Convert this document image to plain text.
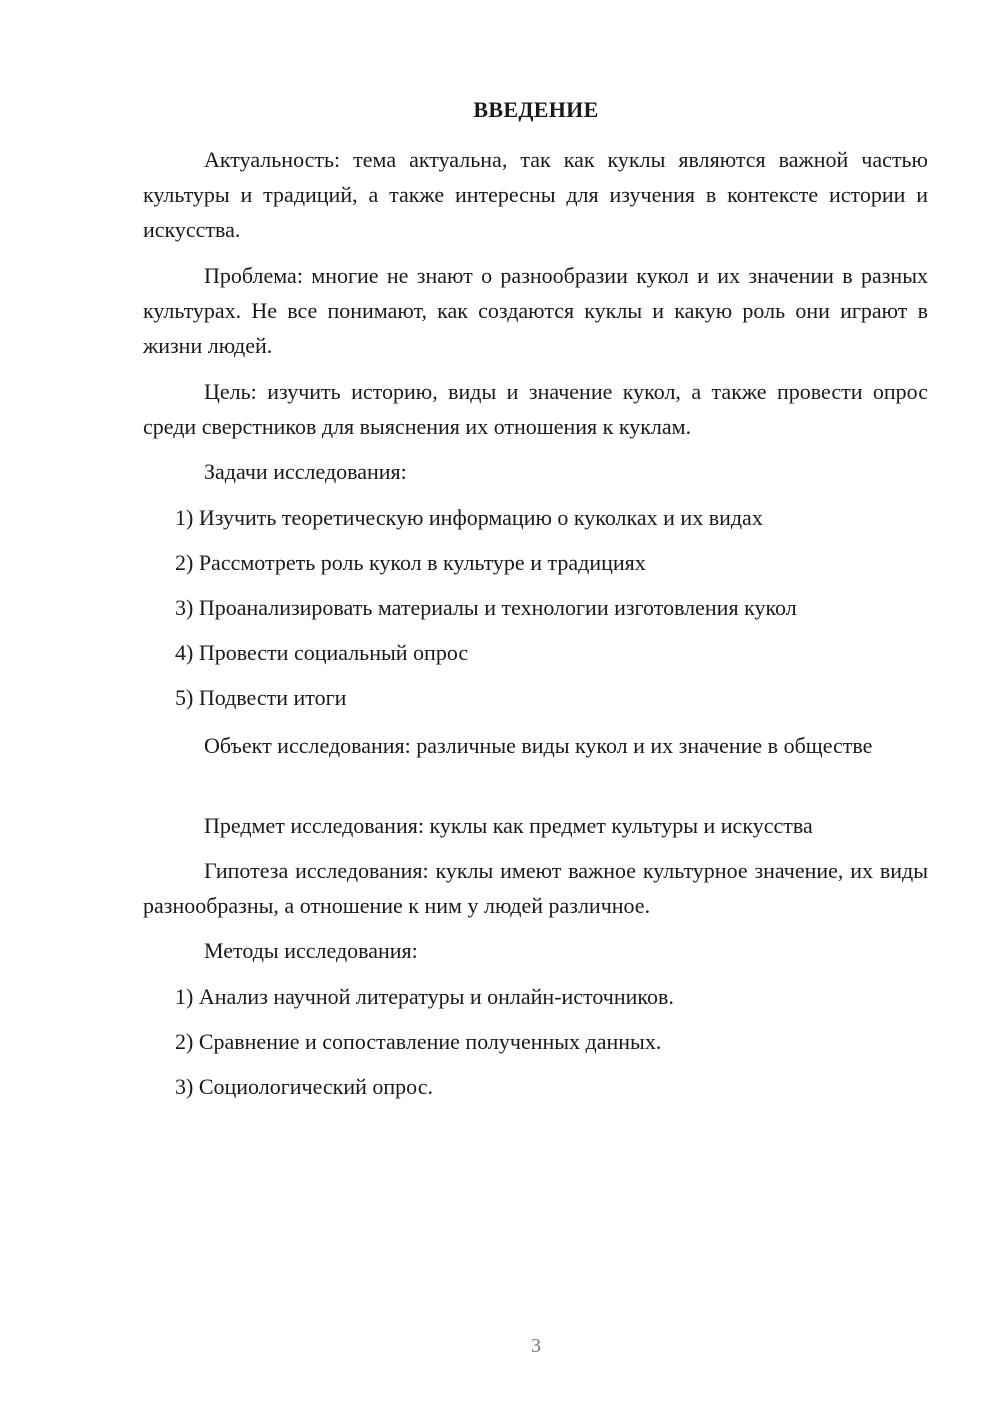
ВВЕДЕНИЕ

Актуальность: тема актуальна, так как куклы являются важной частью культуры и традиций, а также интересны для изучения в контексте истории и искусства.

Проблема: многие не знают о разнообразии кукол и их значении в разных культурах. Не все понимают, как создаются куклы и какую роль они играют в жизни людей.

Цель: изучить историю, виды и значение кукол, а также провести опрос среди сверстников для выяснения их отношения к куклам.

Задачи исследования:

1) Изучить теоретическую информацию о куколках и их видах

2) Рассмотреть роль кукол в культуре и традициях

3) Проанализировать материалы и технологии изготовления кукол

4) Провести социальный опрос

5) Подвести итоги

Объект исследования: различные виды кукол и их значение в обществе

Предмет исследования: куклы как предмет культуры и искусства

Гипотеза исследования: куклы имеют важное культурное значение, их виды разнообразны, а отношение к ним у людей различное.

Методы исследования:

1) Анализ научной литературы и онлайн-источников.

2) Сравнение и сопоставление полученных данных.

3) Социологический опрос.

3
